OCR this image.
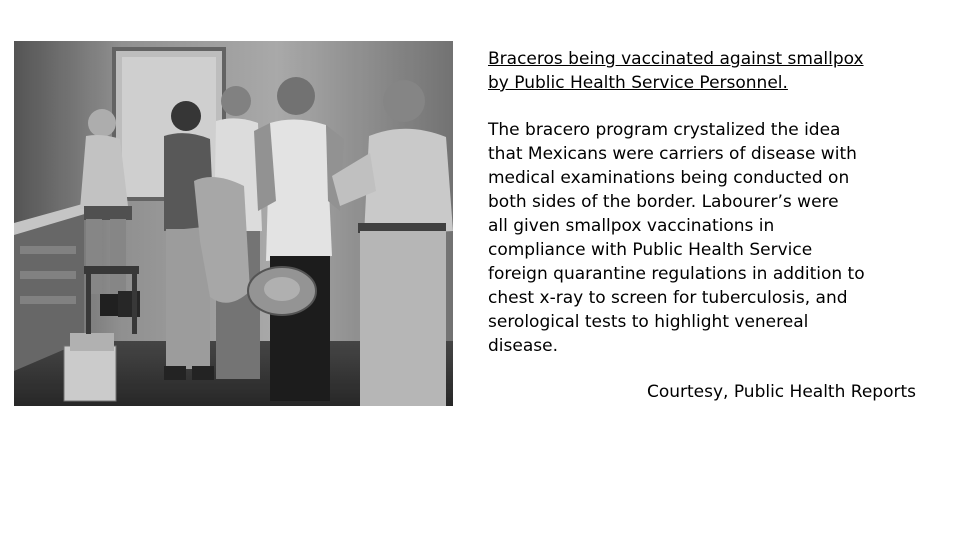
Braceros being vaccinated against smallpox
by Public Health Service Personnel.

The bracero program crystalized the idea
that Mexicans were carriers of disease with
medical examinations being conducted on
both sides of the border. Labourer’s were
all given smallpox vaccinations in
compliance with Public Health Service
foreign quarantine regulations in addition to
chest x-ray to screen for tuberculosis, and
serological tests to highlight venereal
disease.

Courtesy, Public Health Reports
